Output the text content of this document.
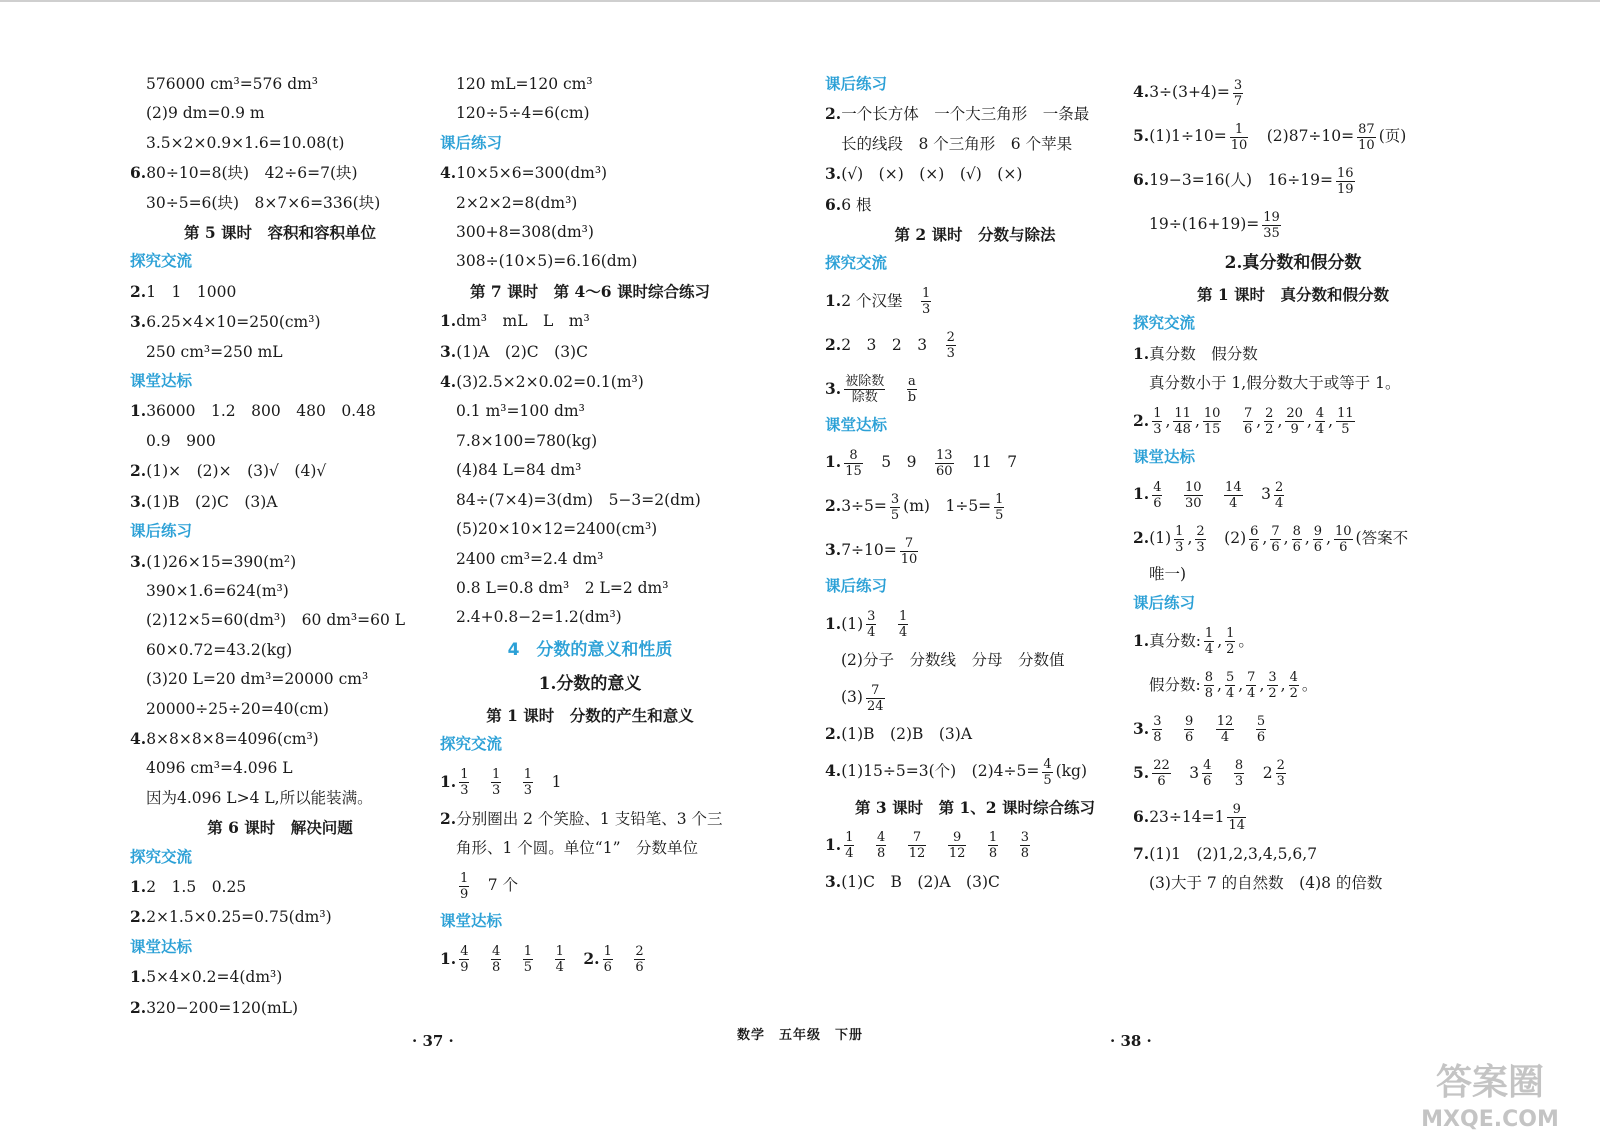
576000 cm³=576 dm³
(2)9 dm=0.9 m
3.5×2×0.9×1.6=10.08(t)
6.80÷10=8(块)　42÷6=7(块)
30÷5=6(块)　8×7×6=336(块)
第 5 课时　容积和容积单位
探究交流
2.1　1　1000
3.6.25×4×10=250(cm³)
250 cm³=250 mL
课堂达标
1.36000　1.2　800　480　0.48
0.9　900
2.(1)×　(2)×　(3)√　(4)√
3.(1)B　(2)C　(3)A
课后练习
3.(1)26×15=390(m²)
390×1.6=624(m³)
(2)12×5=60(dm³)　60 dm³=60 L
60×0.72=43.2(kg)
(3)20 L=20 dm³=20000 cm³
20000÷25÷20=40(cm)
4.8×8×8×8=4096(cm³)
4096 cm³=4.096 L
因为4.096 L>4 L,所以能装满。
第 6 课时　解决问题
探究交流
1.2　1.5　0.25
2.2×1.5×0.25=0.75(dm³)
课堂达标
1.5×4×0.2=4(dm³)
2.320−200=120(mL)
120 mL=120 cm³
120÷5÷4=6(cm)
课后练习
4.10×5×6=300(dm³)
2×2×2=8(dm³)
300+8=308(dm³)
308÷(10×5)=6.16(dm)
第 7 课时　第 4～6 课时综合练习
1.dm³　mL　L　m³
3.(1)A　(2)C　(3)C
4.(3)2.5×2×0.02=0.1(m³)
0.1 m³=100 dm³
7.8×100=780(kg)
(4)84 L=84 dm³
84÷(7×4)=3(dm)　5−3=2(dm)
(5)20×10×12=2400(cm³)
2400 cm³=2.4 dm³
0.8 L=0.8 dm³　2 L=2 dm³
2.4+0.8−2=1.2(dm³)
4　分数的意义和性质
1.分数的意义
第 1 课时　分数的产生和意义
探究交流
1. $\frac{1}{3}$
　 $\frac{1}{3}$
　 $\frac{1}{3}$ 　1
2.分别圈出 2 个笑脸、1 支铅笔、3 个三
角形、1 个圆。单位“1”　分数单位
$\frac{1}{9}$ 　7 个
课堂达标
1. $\frac{4}{9}$
　 $\frac{4}{8}$
　 $\frac{1}{5}$
　 $\frac{1}{4}$
　 2. $\frac{1}{6}$
　 $\frac{2}{6}$
课后练习
2.一个长方体　一个大三角形　一条最
长的线段　8 个三角形　6 个苹果
3.(√)　(×)　(×)　(√)　(×)
6.6 根
第 2 课时　分数与除法
探究交流
1.2 个汉堡　 $\frac{1}{3}$
2.2　3　2　3　 $\frac{2}{3}$
3. 被除数
除数
　	$\frac{a}{b}$
课堂达标
1. $\frac{8}{15}$ 　5　9　 $\frac{13}{60}$ 　11　7
$2.3\div 5= \frac{3}{5} (m)$　$1\div 5= \frac{1}{5}$
$3.7\div 10= \frac{7}{10}$
课后练习
$1.(1) \frac{3}{4}$
　 $\frac{1}{4}$
(2)分子　分数线　分母　分数值
$(3) \frac{7}{24}$
2.(1)B　(2)B　(3)A
4.(1)15÷5=3(个)　$(2)4\div 5= \frac{4}{5} (kg)$
第 3 课时　第 1、2 课时综合练习
1. $\frac{1}{4}$
　 $\frac{4}{8}$
　 $\frac{7}{12}$
　 $\frac{9}{12}$
　 $\frac{1}{8}$
　 $\frac{3}{8}$
3.(1)C　B　(2)A　(3)C
$4.3\div(3+4)= \frac{3}{7}$
$5.(1)1\div 10= \frac{1}{10}$ 　$(2)87\div 10= \frac{87}{10}$ (页)
6.19−3=16(人)　$16\div 19= \frac{16}{19}$
$19\div(16+19)= \frac{19}{35}$
2.真分数和假分数
第 1 课时　真分数和假分数
探究交流
1.真分数　假分数
真分数小于 1,假分数大于或等于 1。
2. $\frac{1}{3}$ , $\frac{11}{48}$ , $\frac{10}{15}$
　 $\frac{7}{6}$ , $\frac{2}{2}$ , $\frac{20}{9}$ , $\frac{4}{4}$ , $\frac{11}{5}$
课堂达标
1. $\frac{4}{6}$
　 $\frac{10}{30}$
　 $\frac{14}{4}$ 　$3 \frac{2}{4}$
$2.(1) \frac{1}{3}$ , $\frac{2}{3}$ 　$(2) \frac{6}{6}$ , $\frac{7}{6}$ , $\frac{8}{6}$ , $\frac{9}{6}$ , $\frac{10}{6}$ (答案不
唯一)
课后练习
1.真分数: $\frac{1}{4}$ , $\frac{1}{2}$ 。
假分数: $\frac{8}{8}$ , $\frac{5}{4}$ , $\frac{7}{4}$ , $\frac{3}{2}$ , $\frac{4}{2}$ 。
3. $\frac{3}{8}$
　 $\frac{9}{6}$
　 $\frac{12}{4}$
　 $\frac{5}{6}$
5. $\frac{22}{6}$ 　$3 \frac{4}{6}$
　 $\frac{8}{3}$ 　$2 \frac{2}{3}$
$6.23\div 14=1 \frac{9}{14}$
7.(1)1　(2)1,2,3,4,5,6,7
(3)大于 7 的自然数　(4)8 的倍数
· 37 ·	数学　五年级　下册	· 38 ·
答案圈
MXQE.COM
